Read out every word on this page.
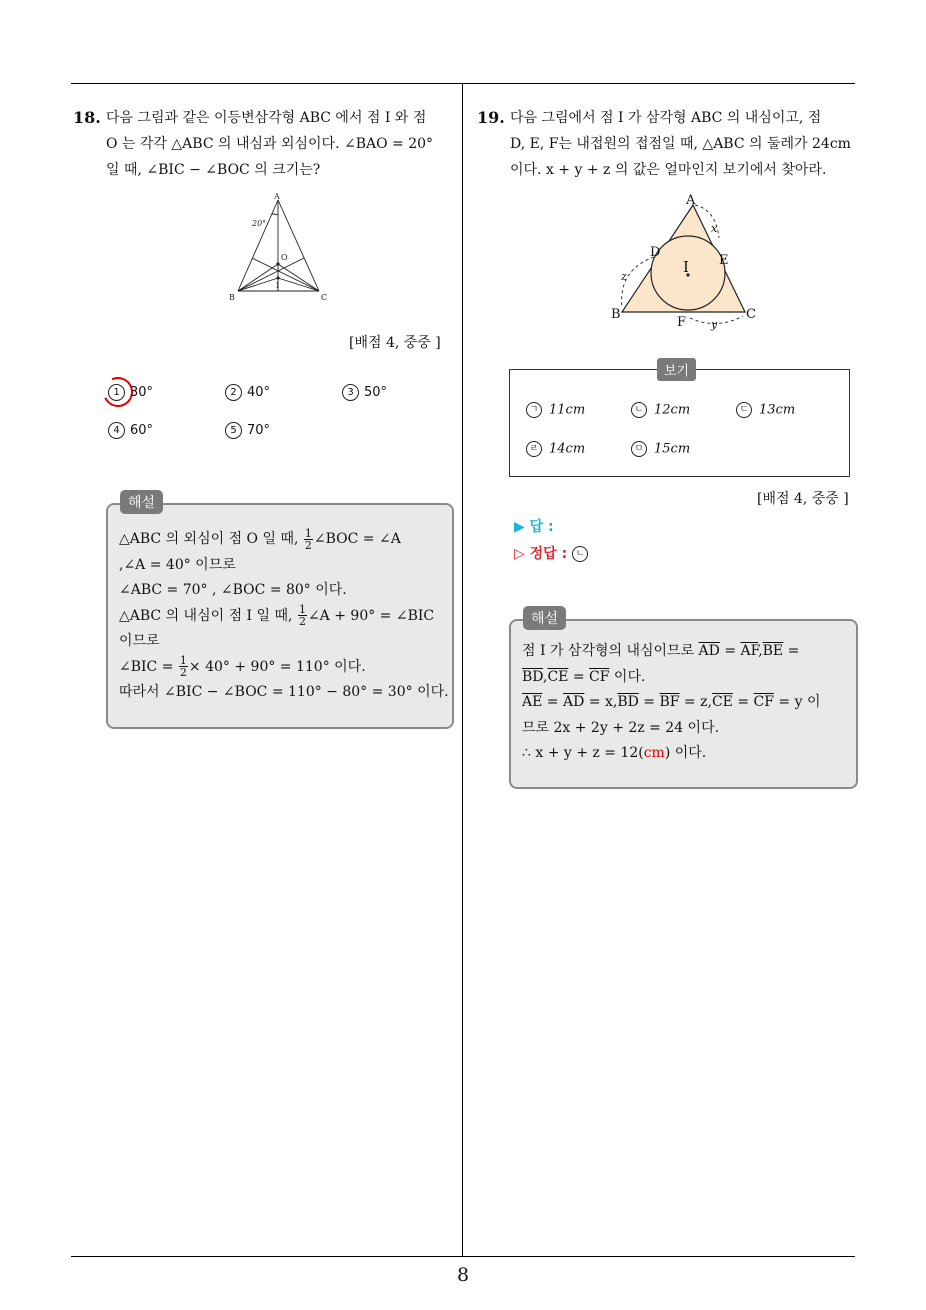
18. 다음 그림과 같은 이등변삼각형 ABC 에서 점 I 와 점
O 는 각각 △ABC 의 내심과 외심이다. ∠BAO = 20°
일 때, ∠BIC − ∠BOC 의 크기는?
A
B	C
O
I
20°
[배점 4, 중중 ]
1 30°	2 40°	3 50°
4 60°	5 70°
해설
△ABC 의 외심이 점 O 일 때, $\frac{1}{2}$ ∠BOC = ∠A
,∠A = 40° 이므로
∠ABC = 70° , ∠BOC = 80° 이다.
△ABC 의 내심이 점 I 일 때, $\frac{1}{2}$ ∠A + 90° = ∠BIC
이므로
∠BIC = $\frac{1}{2} \times 40^\circ + 90^\circ = 110^\circ$ 이다.
따라서 ∠BIC − ∠BOC = 110° − 80° = 30° 이다.
19. 다음 그림에서 점 I 가 삼각형 ABC 의 내심이고, 점
D, E, F는 내접원의 접점일 때, △ABC 의 둘레가 24cm
이다. x + y + z 의 값은 얼마인지 보기에서 찾아라.
A
B	C
D
E
F
I
x
y
z
보기
ㄱ 11cm	ㄴ 12cm	ㄷ 13cm
ㄹ 14cm	ㅁ 15cm
[배점 4, 중중 ]
▶ 답 :
▷ 정답 : ㄴ
해설
점 I 가 삼각형의 내심이므로 $\overline{AD} = \overline{AF},\overline{BE}$ =
$\overline{BD},\overline{CE} = \overline{CF}$ 이다.
$\overline{AE} = \overline{AD} = x,\overline{BD} = \overline{BF} = z,\overline{CE} = \overline{CF} = y$ 이
므로 2x + 2y + 2z = 24 이다.
∴ x + y + z = 12(cm) 이다.
8
